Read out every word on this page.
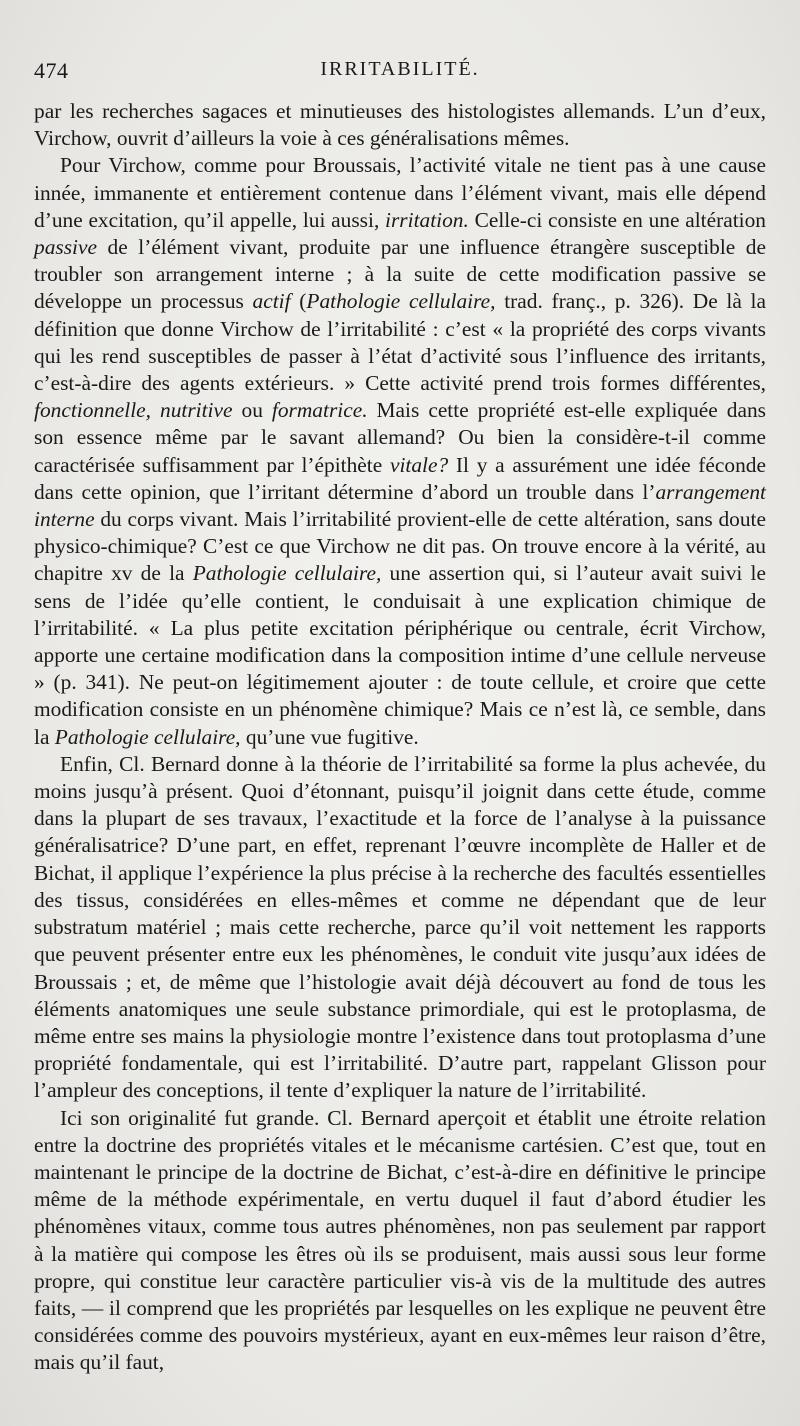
474	IRRITABILITÉ.

par les recherches sagaces et minutieuses des histologistes allemands. L’un d’eux, Virchow, ouvrit d’ailleurs la voie à ces généralisations mêmes.

Pour Virchow, comme pour Broussais, l’activité vitale ne tient pas à une cause innée, immanente et entièrement contenue dans l’élément vivant, mais elle dépend d’une excitation, qu’il appelle, lui aussi, irritation. Celle-ci consiste en une altération passive de l’élément vivant, produite par une influence étrangère susceptible de troubler son arrangement interne ; à la suite de cette modification passive se développe un processus actif (Pathologie cellulaire, trad. franç., p. 326). De là la définition que donne Virchow de l’irritabilité : c’est « la propriété des corps vivants qui les rend susceptibles de passer à l’état d’activité sous l’influence des irritants, c’est-à-dire des agents extérieurs. » Cette activité prend trois formes différentes, fonctionnelle, nutritive ou formatrice. Mais cette propriété est-elle expliquée dans son essence même par le savant allemand? Ou bien la considère-t-il comme caractérisée suffisamment par l’épithète vitale? Il y a assurément une idée féconde dans cette opinion, que l’irritant détermine d’abord un trouble dans l’arrangement interne du corps vivant. Mais l’irritabilité provient-elle de cette altération, sans doute physico-chimique? C’est ce que Virchow ne dit pas. On trouve encore à la vérité, au chapitre xv de la Pathologie cellulaire, une assertion qui, si l’auteur avait suivi le sens de l’idée qu’elle contient, le conduisait à une explication chimique de l’irritabilité. « La plus petite excitation périphérique ou centrale, écrit Virchow, apporte une certaine modification dans la composition intime d’une cellule nerveuse » (p. 341). Ne peut-on légitimement ajouter : de toute cellule, et croire que cette modification consiste en un phénomène chimique? Mais ce n’est là, ce semble, dans la Pathologie cellulaire, qu’une vue fugitive.

Enfin, Cl. Bernard donne à la théorie de l’irritabilité sa forme la plus achevée, du moins jusqu’à présent. Quoi d’étonnant, puisqu’il joignit dans cette étude, comme dans la plupart de ses travaux, l’exactitude et la force de l’analyse à la puissance généralisatrice? D’une part, en effet, reprenant l’œuvre incomplète de Haller et de Bichat, il applique l’expérience la plus précise à la recherche des facultés essentielles des tissus, considérées en elles-mêmes et comme ne dépendant que de leur substratum matériel ; mais cette recherche, parce qu’il voit nettement les rapports que peuvent présenter entre eux les phénomènes, le conduit vite jusqu’aux idées de Broussais ; et, de même que l’histologie avait déjà découvert au fond de tous les éléments anatomiques une seule substance primordiale, qui est le protoplasma, de même entre ses mains la physiologie montre l’existence dans tout protoplasma d’une propriété fondamentale, qui est l’irritabilité. D’autre part, rappelant Glisson pour l’ampleur des conceptions, il tente d’expliquer la nature de l’irritabilité.

Ici son originalité fut grande. Cl. Bernard aperçoit et établit une étroite relation entre la doctrine des propriétés vitales et le mécanisme cartésien. C’est que, tout en maintenant le principe de la doctrine de Bichat, c’est-à-dire en définitive le principe même de la méthode expérimentale, en vertu duquel il faut d’abord étudier les phénomènes vitaux, comme tous autres phénomènes, non pas seulement par rapport à la matière qui compose les êtres où ils se produisent, mais aussi sous leur forme propre, qui constitue leur caractère particulier vis-à vis de la multitude des autres faits, — il comprend que les propriétés par lesquelles on les explique ne peuvent être considérées comme des pouvoirs mystérieux, ayant en eux-mêmes leur raison d’être, mais qu’il faut,
